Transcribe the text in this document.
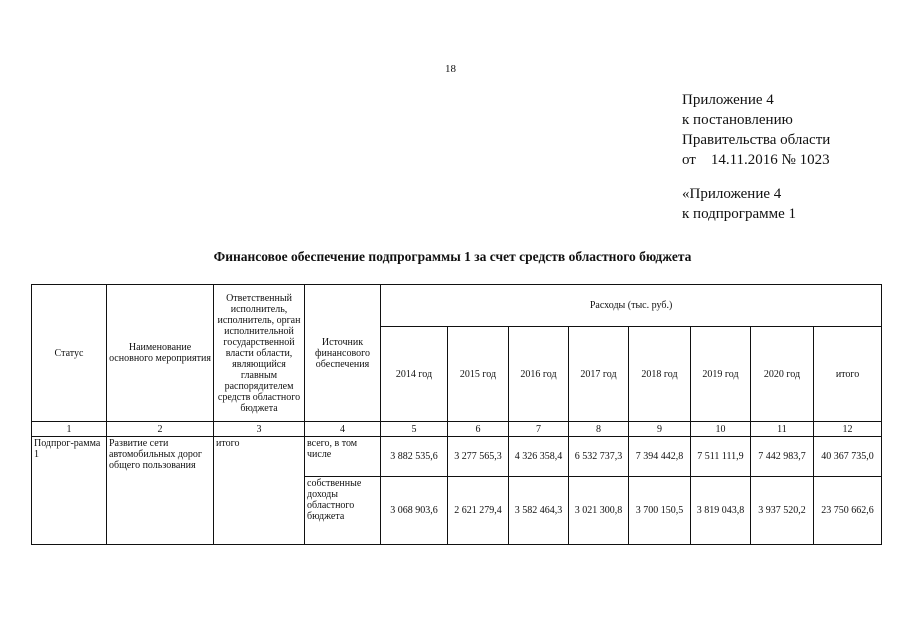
18
Приложение 4
к постановлению
Правительства области
от    14.11.2016 № 1023
«Приложение 4
к подпрограмме 1
Финансовое обеспечение подпрограммы 1 за счет средств областного бюджета
Статус	Наименование основного мероприятия	Ответственный исполнитель, исполнитель, орган исполнительной государственной власти области, являющийся главным распорядителем средств областного бюджета	Источник финансового обеспечения	Расходы (тыс. руб.)							
				2014 год	2015 год	2016 год	2017 год	2018 год	2019 год	2020 год	итого
1	2	3	4	5	6	7	8	9	10	11	12
Подпрог-рамма 1	Развитие сети автомобильных дорог общего пользования	итого	всего, в том числе	3 882 535,6	3 277 565,3	4 326 358,4	6 532 737,3	7 394 442,8	7 511 111,9	7 442 983,7	40 367 735,0
			собственные доходы областного бюджета	3 068 903,6	2 621 279,4	3 582 464,3	3 021 300,8	3 700 150,5	3 819 043,8	3 937 520,2	23 750 662,6
